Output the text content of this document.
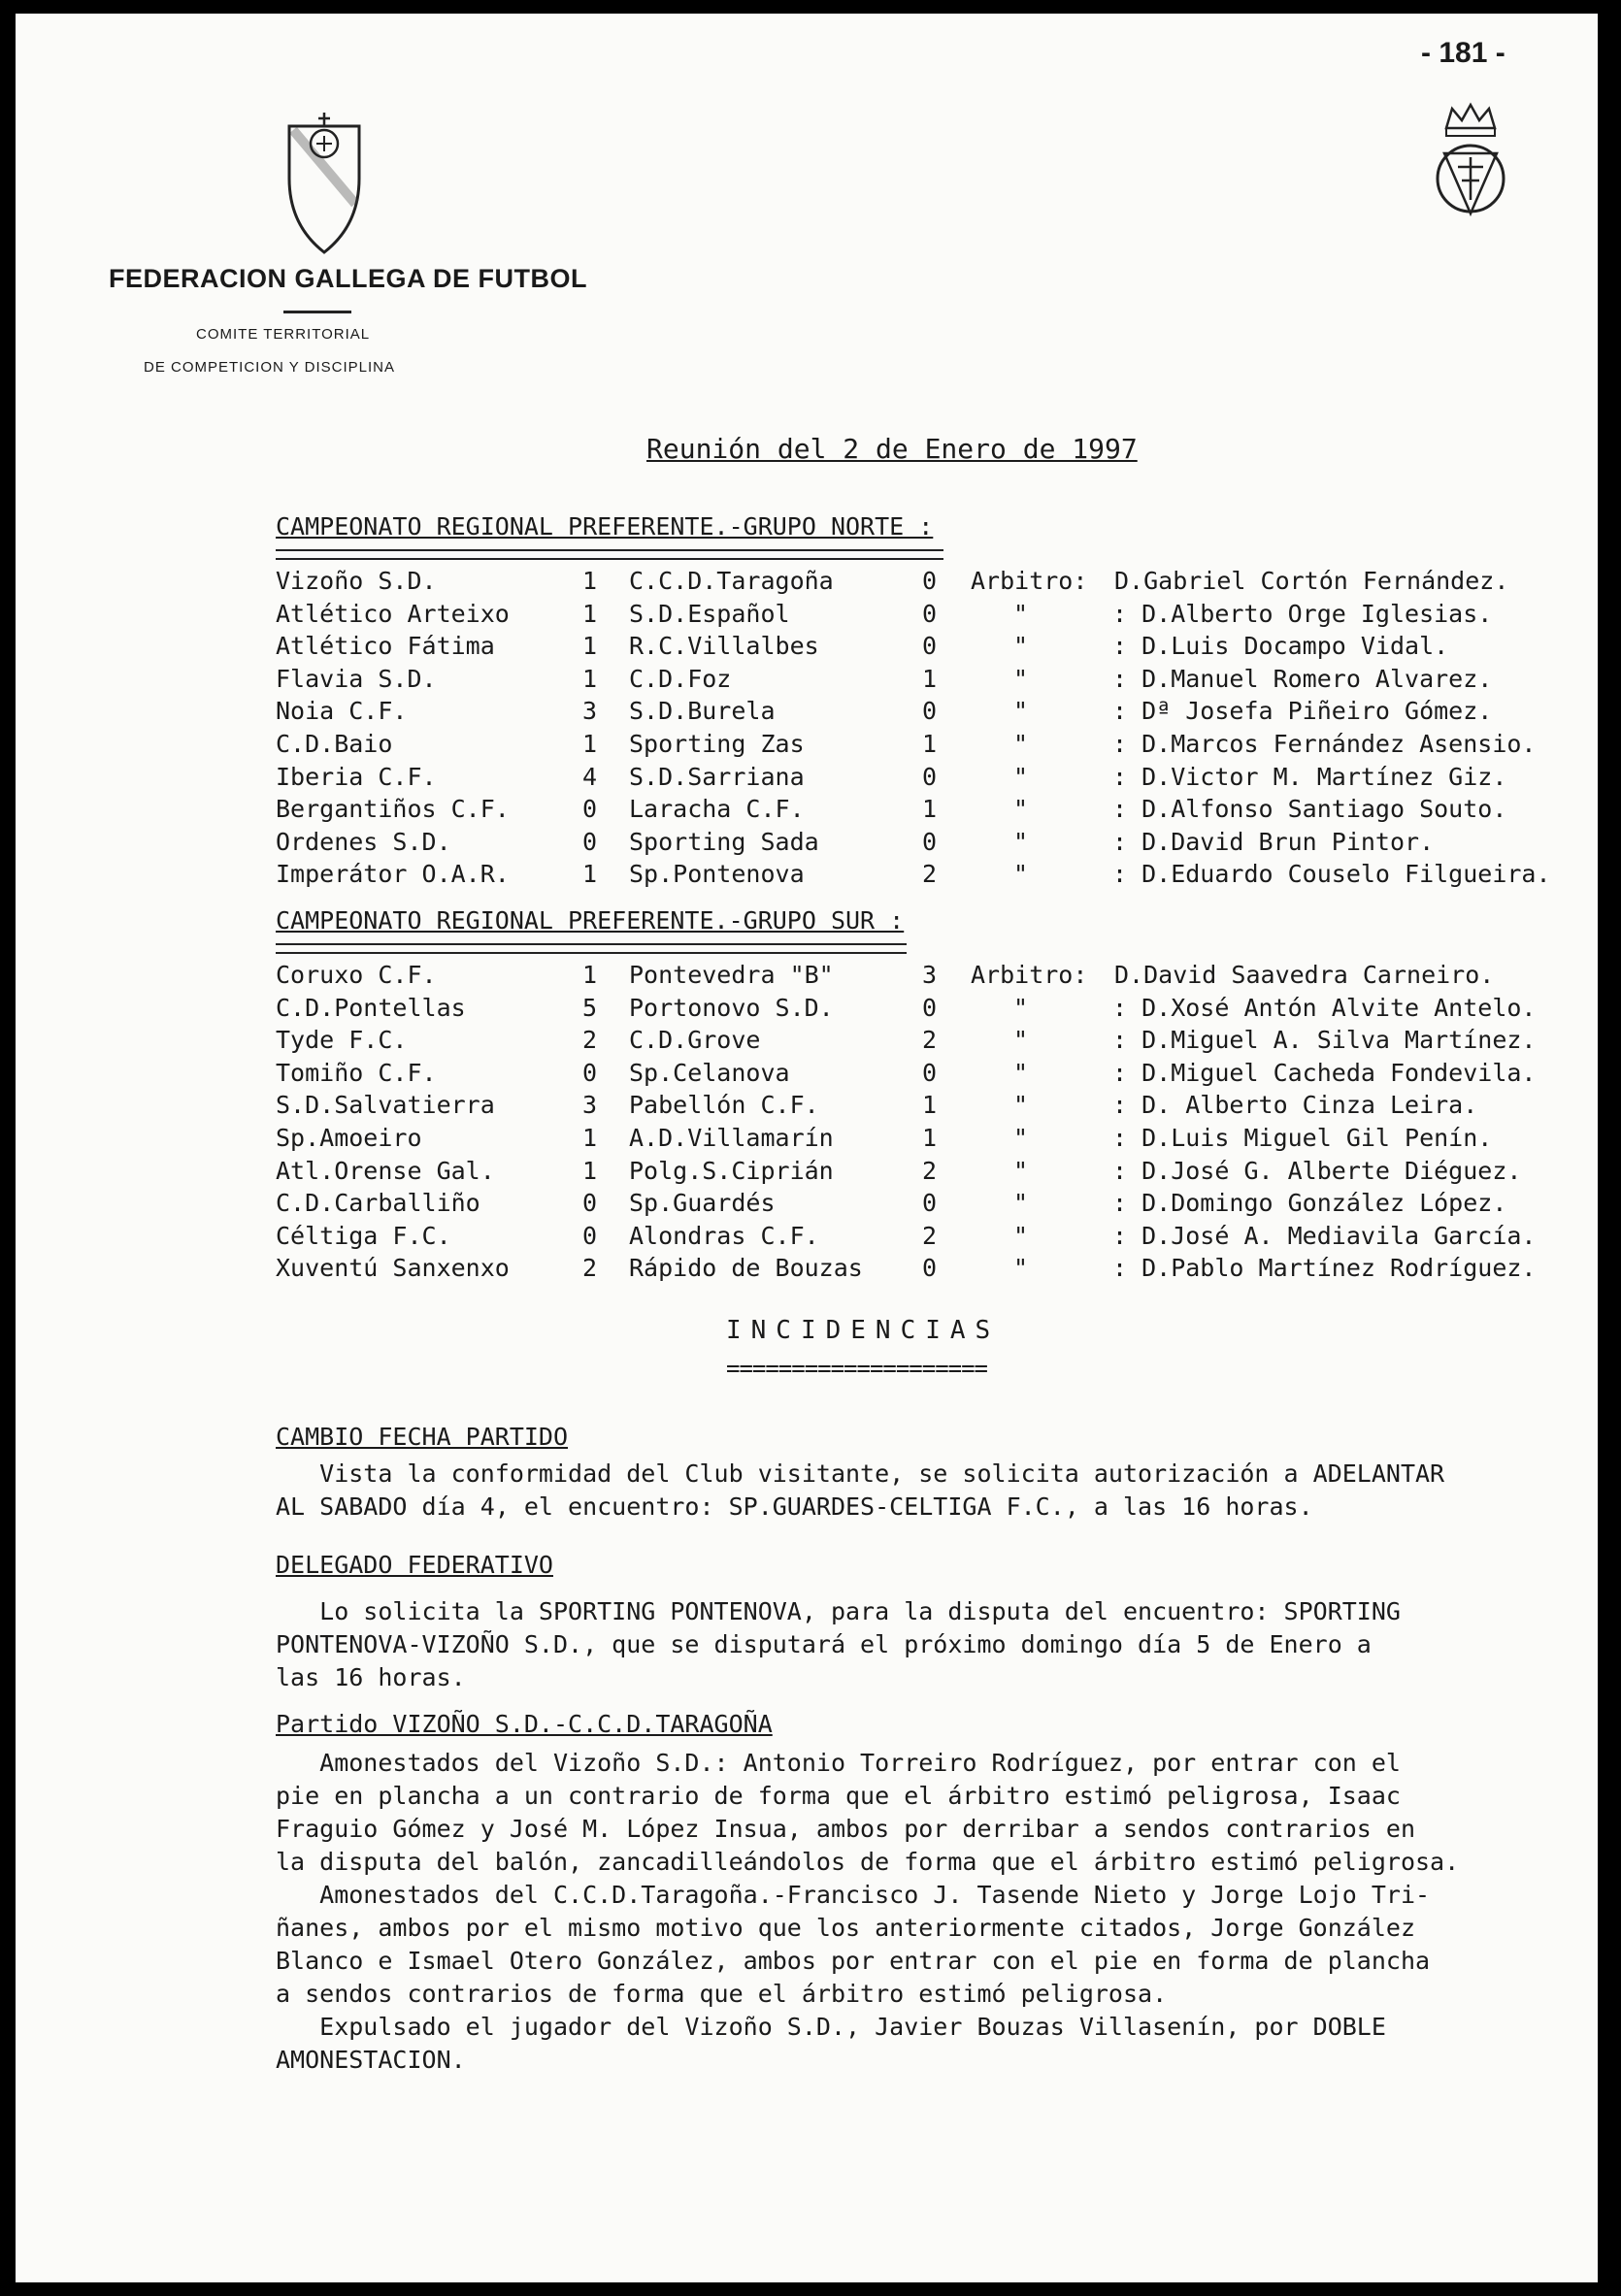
- 181 -
FEDERACION GALLEGA DE FUTBOL
COMITE TERRITORIAL
DE COMPETICION Y DISCIPLINA
Reunión del 2 de Enero de 1997
CAMPEONATO REGIONAL PREFERENTE.-GRUPO NORTE :
Vizoño S.D.	1 C.C.D.Taragoña	0 Arbitro: D.Gabriel Cortón Fernández.
Atlético Arteixo	1 S.D.Español	0	"	: D.Alberto Orge Iglesias.
Atlético Fátima	1 R.C.Villalbes	0	"	: D.Luis Docampo Vidal.
Flavia S.D.	1 C.D.Foz	1	"	: D.Manuel Romero Alvarez.
Noia C.F.	3 S.D.Burela	0	"	: Dª Josefa Piñeiro Gómez.
C.D.Baio	1 Sporting Zas	1	"	: D.Marcos Fernández Asensio.
Iberia C.F.	4 S.D.Sarriana	0	"	: D.Victor M. Martínez Giz.
Bergantiños C.F.	0 Laracha C.F.	1	"	: D.Alfonso Santiago Souto.
Ordenes S.D.	0 Sporting Sada	0	"	: D.David Brun Pintor.
Imperátor O.A.R.	1 Sp.Pontenova	2	"	: D.Eduardo Couselo Filgueira.
CAMPEONATO REGIONAL PREFERENTE.-GRUPO SUR :
Coruxo C.F.	1 Pontevedra "B"	3 Arbitro: D.David Saavedra Carneiro.
C.D.Pontellas	5 Portonovo S.D.	0	"	: D.Xosé Antón Alvite Antelo.
Tyde F.C.	2 C.D.Grove	2	"	: D.Miguel A. Silva Martínez.
Tomiño C.F.	0 Sp.Celanova	0	"	: D.Miguel Cacheda Fondevila.
S.D.Salvatierra	3 Pabellón C.F.	1	"	: D. Alberto Cinza Leira.
Sp.Amoeiro	1 A.D.Villamarín	1	"	: D.Luis Miguel Gil Penín.
Atl.Orense Gal.	1 Polg.S.Ciprián	2	"	: D.José G. Alberte Diéguez.
C.D.Carballiño	0 Sp.Guardés	0	"	: D.Domingo González López.
Céltiga F.C.	0 Alondras C.F.	2	"	: D.José A. Mediavila García.
Xuventú Sanxenxo	2 Rápido de Bouzas 0	"	: D.Pablo Martínez Rodríguez.
INCIDENCIAS
====================
CAMBIO FECHA PARTIDO
Vista la conformidad del Club visitante, se solicita autorización a ADELANTAR
AL SABADO día 4, el encuentro: SP.GUARDES-CELTIGA F.C., a las 16 horas.
DELEGADO FEDERATIVO
Lo solicita la SPORTING PONTENOVA, para la disputa del encuentro: SPORTING
PONTENOVA-VIZOÑO S.D., que se disputará el próximo domingo día 5 de Enero a
las 16 horas.
Partido VIZOÑO S.D.-C.C.D.TARAGOÑA
Amonestados del Vizoño S.D.: Antonio Torreiro Rodríguez, por entrar con el
pie en plancha a un contrario de forma que el árbitro estimó peligrosa, Isaac
Fraguio Gómez y José M. López Insua, ambos por derribar a sendos contrarios en
la disputa del balón, zancadilleándolos de forma que el árbitro estimó peligrosa.
Amonestados del C.C.D.Taragoña.-Francisco J. Tasende Nieto y Jorge Lojo Tri-
ñanes, ambos por el mismo motivo que los anteriormente citados, Jorge González
Blanco e Ismael Otero González, ambos por entrar con el pie en forma de plancha
a sendos contrarios de forma que el árbitro estimó peligrosa.
Expulsado el jugador del Vizoño S.D., Javier Bouzas Villasenín, por DOBLE
AMONESTACION.
